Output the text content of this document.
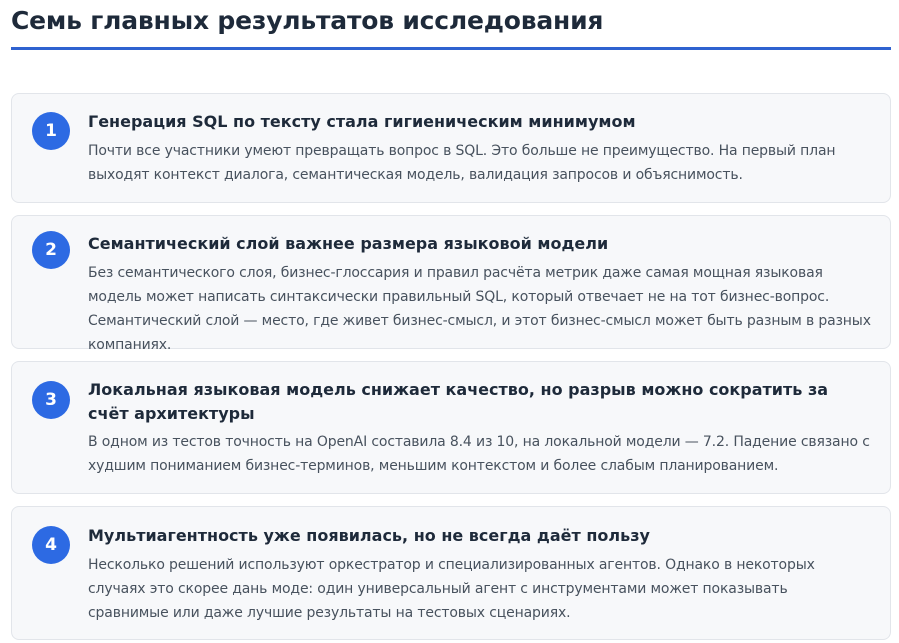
Семь главных результатов исследования
1	Генерация SQL по тексту стала гигиеническим минимумом
Почти все участники умеют превращать вопрос в SQL. Это больше не преимущество. На первый план выходят контекст диалога, семантическая модель, валидация запросов и объяснимость.
2	Семантический слой важнее размера языковой модели
Без семантического слоя, бизнес-глоссария и правил расчёта метрик даже самая мощная языковая модель может написать синтаксически правильный SQL, который отвечает не на тот бизнес-вопрос. Семантический слой — место, где живет бизнес-смысл, и этот бизнес-смысл может быть разным в разных компаниях.
3
Локальная языковая модель снижает качество, но разрыв можно сократить за счёт архитектуры
В одном из тестов точность на OpenAI составила 8.4 из 10, на локальной модели — 7.2. Падение связано с худшим пониманием бизнес-терминов, меньшим контекстом и более слабым планированием.
4	Мультиагентность уже появилась, но не всегда даёт пользу
Несколько решений используют оркестратор и специализированных агентов. Однако в некоторых случаях это скорее дань моде: один универсальный агент с инструментами может показывать сравнимые или даже лучшие результаты на тестовых сценариях.
